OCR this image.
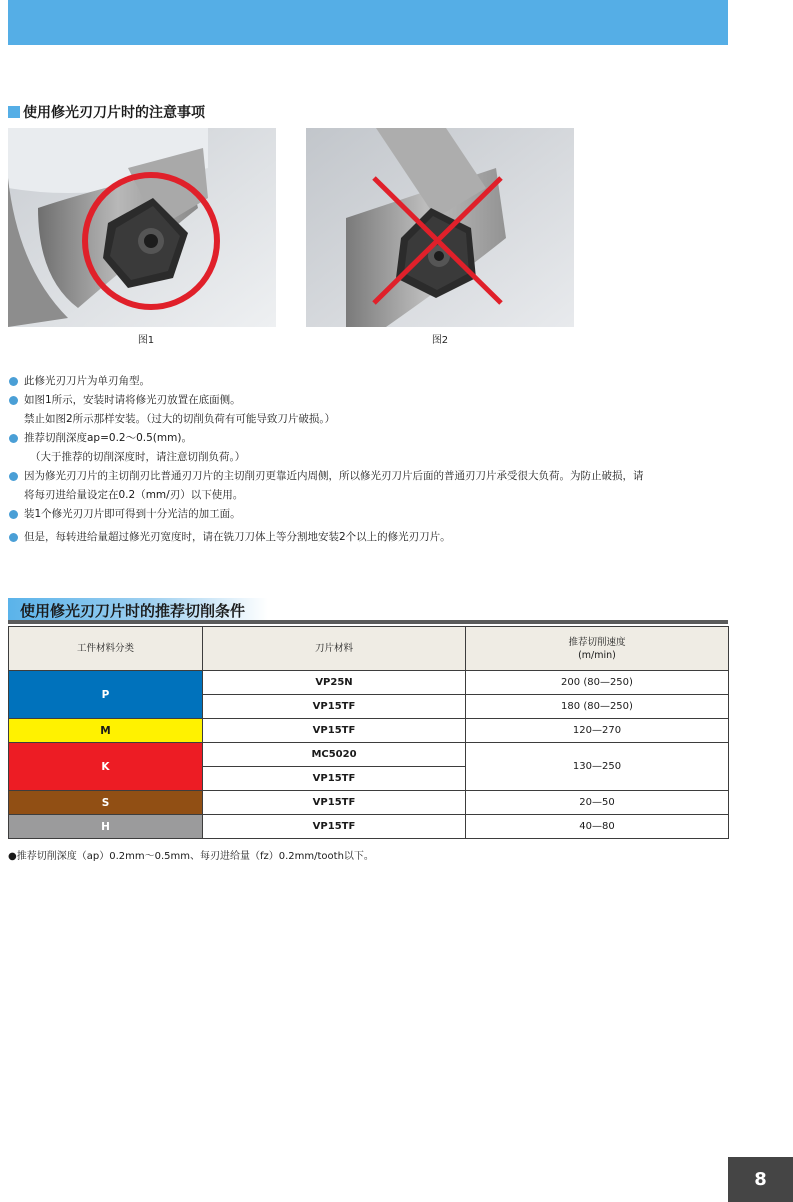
使用修光刃刀片时的注意事项
图1	图2
此修光刃刀片为单刃角型。
如图1所示，安装时请将修光刃放置在底面侧。
禁止如图2所示那样安装。（过大的切削负荷有可能导致刀片破损。）
推荐切削深度ap=0.2〜0.5(mm)。
（大于推荐的切削深度时，请注意切削负荷。）
因为修光刃刀片的主切削刃比普通刃刀片的主切削刃更靠近内周侧，所以修光刃刀片后面的普通刃刀片承受很大负荷。为防止破损，请
将每刃进给量设定在0.2（mm/刃）以下使用。
装1个修光刃刀片即可得到十分光洁的加工面。
但是，每转进给量超过修光刃宽度时，请在铣刀刀体上等分割地安装2个以上的修光刃刀片。
使用修光刃刀片时的推荐切削条件
工件材料分类	刀片材料	推荐切削速度
(m/min)
P	VP25N	200 (80—250)
	VP15TF	180 (80—250)
M	VP15TF	120—270
K	MC5020	130—250
	VP15TF	
S	VP15TF	20—50
H	VP15TF	40—80
●推荐切削深度（ap）0.2mm〜0.5mm、每刃进给量（fz）0.2mm/tooth以下。
8
